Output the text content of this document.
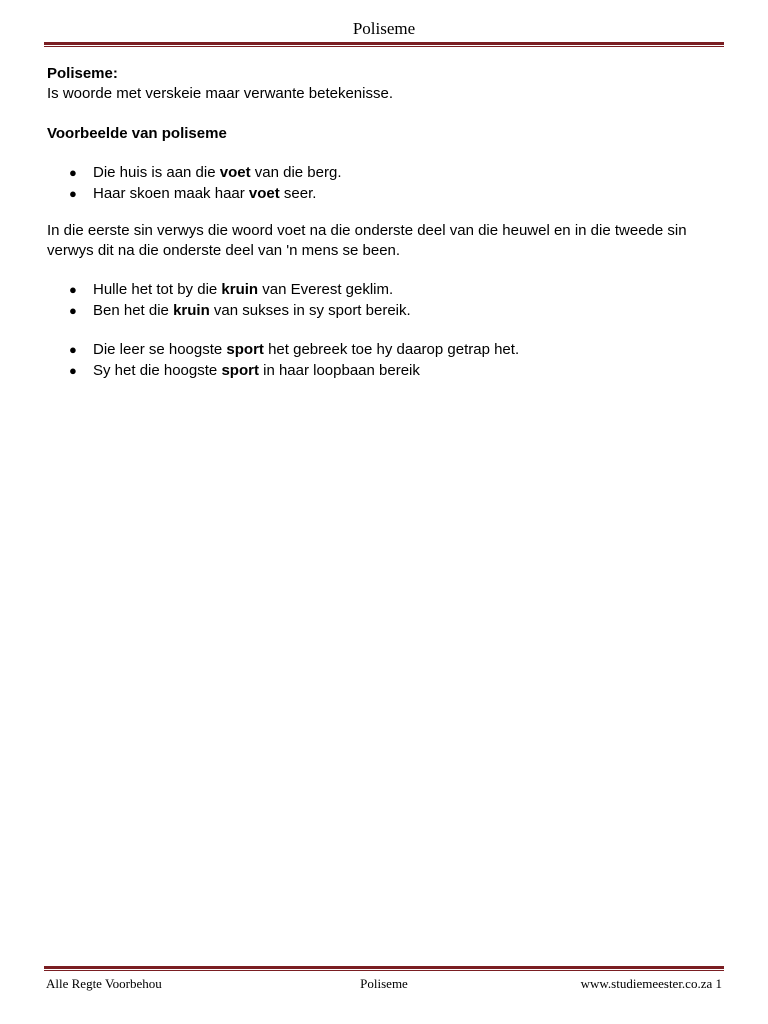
Poliseme

Poliseme:

Is woorde met verskeie maar verwante betekenisse.

Voorbeelde van poliseme

● Die huis is aan die voet van die berg.
● Haar skoen maak haar voet seer.

In die eerste sin verwys die woord voet na die onderste deel van die heuwel en in die tweede sin verwys dit na die onderste deel van 'n mens se been.

● Hulle het tot by die kruin van Everest geklim.
● Ben het die kruin van sukses in sy sport bereik.
● Die leer se hoogste sport het gebreek toe hy daarop getrap het.
● Sy het die hoogste sport in haar loopbaan bereik
Alle Regte Voorbehou	Poliseme	www.studiemeester.co.za 1
